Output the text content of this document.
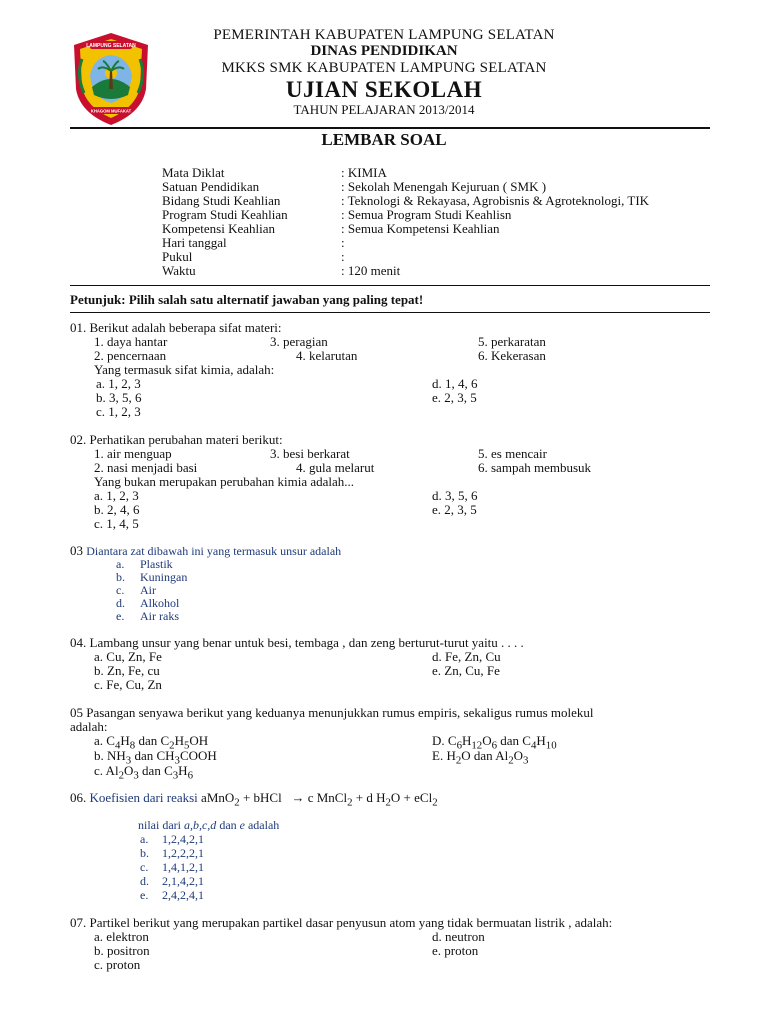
LAMPUNG SELATAN
KHAGOM MUFAKAT
PEMERINTAH KABUPATEN LAMPUNG SELATAN
DINAS PENDIDIKAN
MKKS SMK KABUPATEN LAMPUNG SELATAN
UJIAN SEKOLAH
TAHUN PELAJARAN 2013/2014
LEMBAR SOAL
Mata Diklat	: KIMIA
Satuan Pendidikan	: Sekolah Menengah Kejuruan ( SMK )
Bidang Studi Keahlian	: Teknologi & Rekayasa, Agrobisnis & Agroteknologi, TIK
Program Studi Keahlian	: Semua Program Studi Keahlisn
Kompetensi Keahlian	: Semua Kompetensi Keahlian
Hari tanggal	:
Pukul	:
Waktu	: 120 menit
Petunjuk: Pilih salah satu alternatif jawaban yang paling tepat!
01. Berikut adalah beberapa sifat materi:
1. daya hantar	3. peragian	5. perkaratan
2. pencernaan	4. kelarutan	6. Kekerasan
Yang termasuk sifat kimia, adalah:
a. 1, 2, 3	d. 1, 4, 6
b. 3, 5, 6	e. 2, 3, 5
c. 1, 2, 3
02. Perhatikan perubahan materi berikut:
1. air menguap	3. besi berkarat	5. es mencair
2. nasi menjadi basi	4. gula melarut	6. sampah membusuk
Yang bukan merupakan perubahan kimia adalah...
a. 1, 2, 3	d. 3, 5, 6
b. 2, 4, 6	e. 2, 3, 5
c. 1, 4, 5
03 Diantara zat dibawah ini yang termasuk unsur adalah
a. Plastik
b. Kuningan
c. Air
d. Alkohol
e. Air raks
04. Lambang unsur yang benar untuk besi, tembaga , dan zeng berturut-turut yaitu . . . .
a. Cu, Zn, Fe	d. Fe, Zn, Cu
b. Zn, Fe, cu	e. Zn, Cu, Fe
c. Fe, Cu, Zn
05 Pasangan senyawa berikut yang keduanya menunjukkan rumus empiris, sekaligus rumus molekul
adalah:
a. $C_4H_8$ dan $C_2H_5OH$	D. $C_6H_{12}O_6$ dan $C_4H_{10}$
b. $NH_3$ dan $CH_3COOH$	E. $H_2O$ dan $Al_2O_3$
c. $Al_2O_3$ dan $C_3H_6$
06. Koefisien dari reaksi aMnO$_2$ + bHCl → c MnCl$_2$ + d $H_2O + eCl_2$
nilai dari a,b,c,d dan e adalah
a. 1,2,4,2,1
b. 1,2,2,2,1
c. 1,4,1,2,1
d. 2,1,4,2,1
e. 2,4,2,4,1
07. Partikel berikut yang merupakan partikel dasar penyusun atom yang tidak bermuatan listrik , adalah:
a. elektron	d. neutron
b. positron	e. proton
c. proton
